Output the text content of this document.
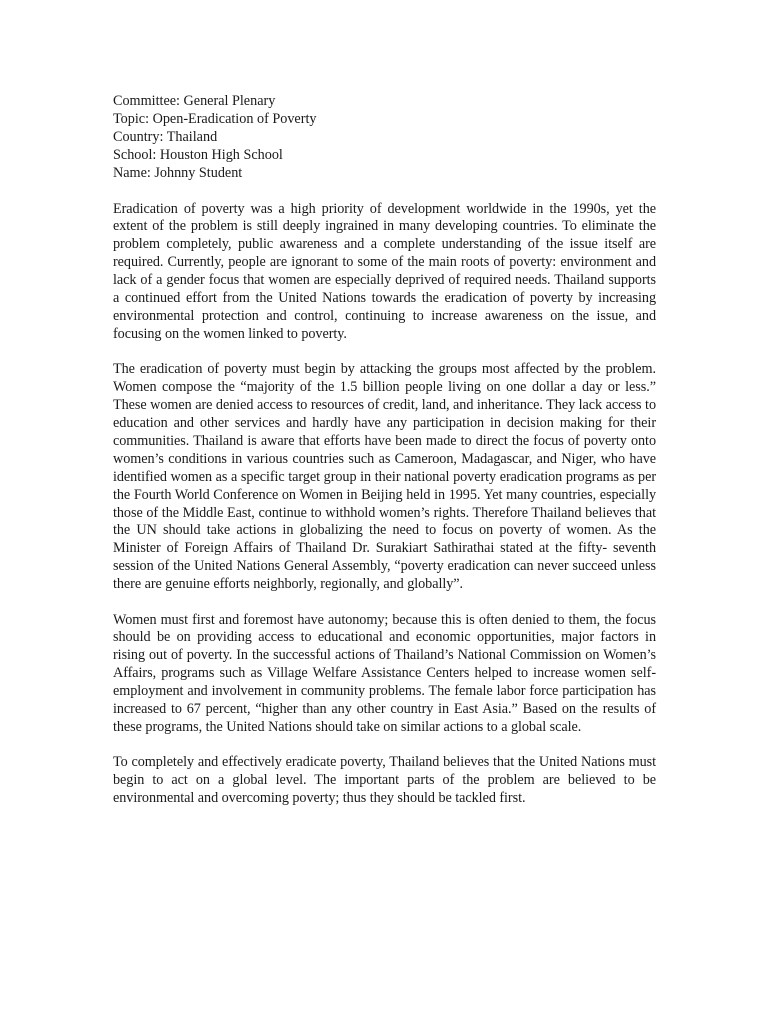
Committee: General Plenary
Topic: Open-Eradication of Poverty
Country: Thailand
School: Houston High School
Name: Johnny Student

Eradication of poverty was a high priority of development worldwide in the 1990s, yet the extent of the problem is still deeply ingrained in many developing countries. To eliminate the problem completely, public awareness and a complete understanding of the issue itself are required. Currently, people are ignorant to some of the main roots of poverty: environment and lack of a gender focus that women are especially deprived of required needs. Thailand supports a continued effort from the United Nations towards the eradication of poverty by increasing environmental protection and control, continuing to increase awareness on the issue, and focusing on the women linked to poverty.

The eradication of poverty must begin by attacking the groups most affected by the problem. Women compose the “majority of the 1.5 billion people living on one dollar a day or less.” These women are denied access to resources of credit, land, and inheritance. They lack access to education and other services and hardly have any participation in decision making for their communities. Thailand is aware that efforts have been made to direct the focus of poverty onto women’s conditions in various countries such as Cameroon, Madagascar, and Niger, who have identified women as a specific target group in their national poverty eradication programs as per the Fourth World Conference on Women in Beijing held in 1995. Yet many countries, especially those of the Middle East, continue to withhold women’s rights. Therefore Thailand believes that the UN should take actions in globalizing the need to focus on poverty of women. As the Minister of Foreign Affairs of Thailand Dr. Surakiart Sathirathai stated at the fifty- seventh session of the United Nations General Assembly, “poverty eradication can never succeed unless there are genuine efforts neighborly, regionally, and globally”.

Women must first and foremost have autonomy; because this is often denied to them, the focus should be on providing access to educational and economic opportunities, major factors in rising out of poverty. In the successful actions of Thailand’s National Commission on Women’s Affairs, programs such as Village Welfare Assistance Centers helped to increase women self- employment and involvement in community problems. The female labor force participation has increased to 67 percent, “higher than any other country in East Asia.” Based on the results of these programs, the United Nations should take on similar actions to a global scale.

To completely and effectively eradicate poverty, Thailand believes that the United Nations must begin to act on a global level. The important parts of the problem are believed to be environmental and overcoming poverty; thus they should be tackled first.
